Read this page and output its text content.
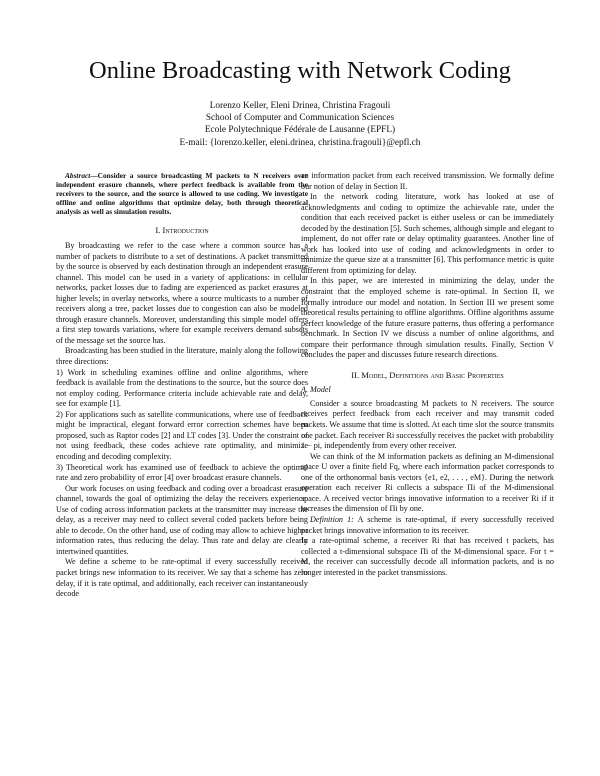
Online Broadcasting with Network Coding
Lorenzo Keller, Eleni Drinea, Christina Fragouli
School of Computer and Communication Sciences
Ecole Polytechnique Fédérale de Lausanne (EPFL)
E-mail: {lorenzo.keller, eleni.drinea, christina.fragouli}@epfl.ch

Abstract—Consider a source broadcasting M packets to N receivers over independent erasure channels, where perfect feedback is available from the receivers to the source, and the source is allowed to use coding. We investigate offline and online algorithms that optimize delay, both through theoretical analysis as well as simulation results.

I. Introduction

By broadcasting we refer to the case where a common source has a number of packets to distribute to a set of destinations. A packet transmitted by the source is observed by each destination through an independent erasure channel. This model can be used in a variety of applications: in cellular networks, packet losses due to fading are experienced as packet erasures at higher levels; in overlay networks, where a source multicasts to a number of receivers along a tree, packet losses due to congestion can also be modeled through erasure channels. Moreover, understanding this simple model offers a first step towards variations, where for example receivers demand subsets of the message set the source has.

Broadcasting has been studied in the literature, mainly along the following three directions:

1) Work in scheduling examines offline and online algorithms, where feedback is available from the destinations to the source, but the source does not employ coding. Performance criteria include achievable rate and delay, see for example [1].

2) For applications such as satellite communications, where use of feedback might be impractical, elegant forward error correction schemes have been proposed, such as Raptor codes [2] and LT codes [3]. Under the constraint of not using feedback, these codes achieve rate optimality, and minimize encoding and decoding complexity.

3) Theoretical work has examined use of feedback to achieve the optimal rate and zero probability of error [4] over broadcast erasure channels.

Our work focuses on using feedback and coding over a broadcast erasure channel, towards the goal of optimizing the delay the receivers experience. Use of coding across information packets at the transmitter may increase the delay, as a receiver may need to collect several coded packets before being able to decode. On the other hand, use of coding may allow to achieve higher information rates, thus reducing the delay. Thus rate and delay are clearly intertwined quantities.

We define a scheme to be rate-optimal if every successfully received packet brings new information to its receiver. We say that a scheme has zero delay, if it is rate optimal, and additionally, each receiver can instantaneously decode

an information packet from each received transmission. We formally define our notion of delay in Section II.

In the network coding literature, work has looked at use of acknowledgments and coding to optimize the achievable rate, under the condition that each received packet is either useless or can be immediately decoded by the destination [5]. Such schemes, although simple and elegant to implement, do not offer rate or delay optimality guarantees. Another line of work has looked into use of coding and acknowledgments in order to minimize the queue size at a transmitter [6]. This performance metric is quite different from optimizing for delay.

In this paper, we are interested in minimizing the delay, under the constraint that the employed scheme is rate-optimal. In Section II, we formally introduce our model and notation. In Section III we present some theoretical results pertaining to offline algorithms. Offline algorithms assume perfect knowledge of the future erasure patterns, thus offering a performance benchmark. In Section IV we discuss a number of online algorithms, and compare their performance through simulation results. Finally, Section V concludes the paper and discusses future research directions.

II. Model, Definitions and Basic Properties
A. Model

Consider a source broadcasting M packets to N receivers. The source receives perfect feedback from each receiver and may transmit coded packets. We assume that time is slotted. At each time slot the source transmits one packet. Each receiver Ri successfully receives the packet with probability 1 − pi, independently from every other receiver.

We can think of the M information packets as defining an M-dimensional space U over a finite field Fq, where each information packet corresponds to one of the orthonormal basis vectors {e1, e2, . . . , eM}. During the network operation each receiver Ri collects a subspace Πi of the M-dimensional space. A received vector brings innovative information to a receiver Ri if it increases the dimension of Πi by one.

Definition 1: A scheme is rate-optimal, if every successfully received packet brings innovative information to its receiver.

In a rate-optimal scheme, a receiver Ri that has received t packets, has collected a t-dimensional subspace Πi of the M-dimensional space. For t = M, the receiver can successfully decode all information packets, and is no longer interested in the packet transmissions.
